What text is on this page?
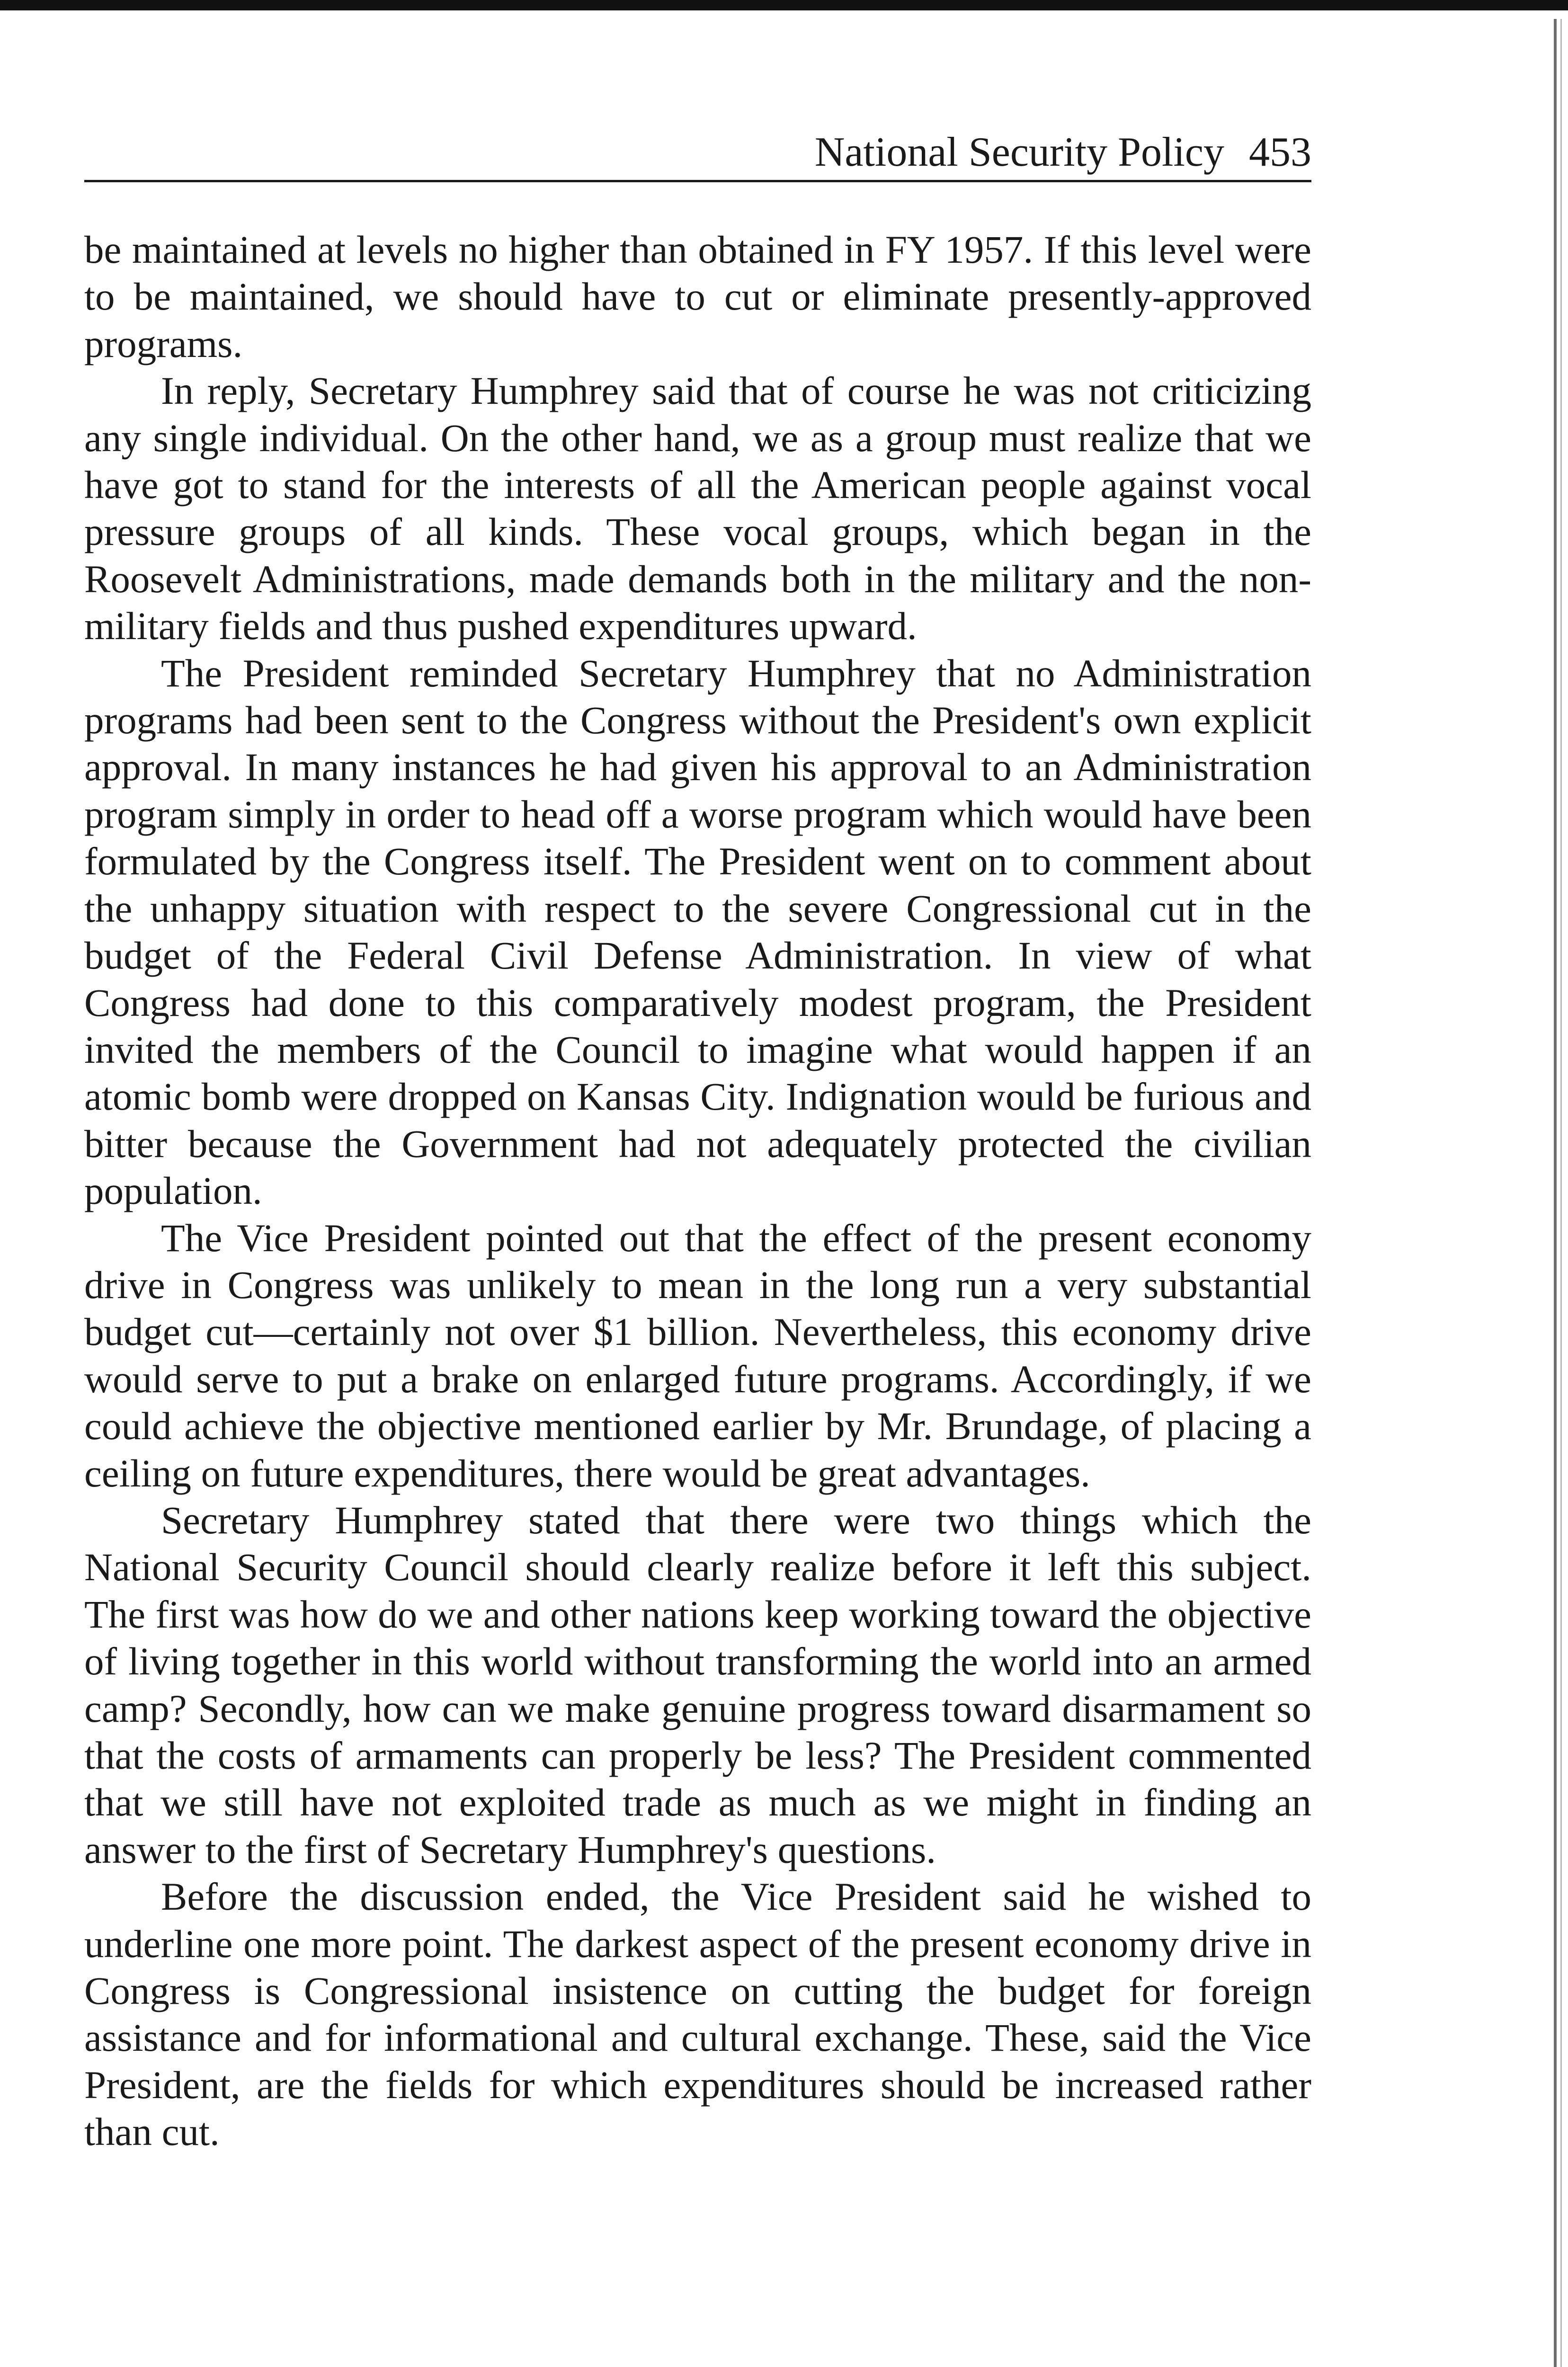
National Security Policy 453

be maintained at levels no higher than obtained in FY 1957. If this level were to be maintained, we should have to cut or eliminate presently-approved programs.

In reply, Secretary Humphrey said that of course he was not criticizing any single individual. On the other hand, we as a group must realize that we have got to stand for the interests of all the American people against vocal pressure groups of all kinds. These vocal groups, which began in the Roosevelt Administrations, made demands both in the military and the non-military fields and thus pushed expenditures upward.

The President reminded Secretary Humphrey that no Administration programs had been sent to the Congress without the President's own explicit approval. In many instances he had given his approval to an Administration program simply in order to head off a worse program which would have been formulated by the Congress itself. The President went on to comment about the unhappy situation with respect to the severe Congressional cut in the budget of the Federal Civil Defense Administration. In view of what Congress had done to this comparatively modest program, the President invited the members of the Council to imagine what would happen if an atomic bomb were dropped on Kansas City. Indignation would be furious and bitter because the Government had not adequately protected the civilian population.

The Vice President pointed out that the effect of the present economy drive in Congress was unlikely to mean in the long run a very substantial budget cut—certainly not over $1 billion. Nevertheless, this economy drive would serve to put a brake on enlarged future programs. Accordingly, if we could achieve the objective mentioned earlier by Mr. Brundage, of placing a ceiling on future expenditures, there would be great advantages.

Secretary Humphrey stated that there were two things which the National Security Council should clearly realize before it left this subject. The first was how do we and other nations keep working toward the objective of living together in this world without transforming the world into an armed camp? Secondly, how can we make genuine progress toward disarmament so that the costs of armaments can properly be less? The President commented that we still have not exploited trade as much as we might in finding an answer to the first of Secretary Humphrey's questions.

Before the discussion ended, the Vice President said he wished to underline one more point. The darkest aspect of the present economy drive in Congress is Congressional insistence on cutting the budget for foreign assistance and for informational and cultural exchange. These, said the Vice President, are the fields for which expenditures should be increased rather than cut.
